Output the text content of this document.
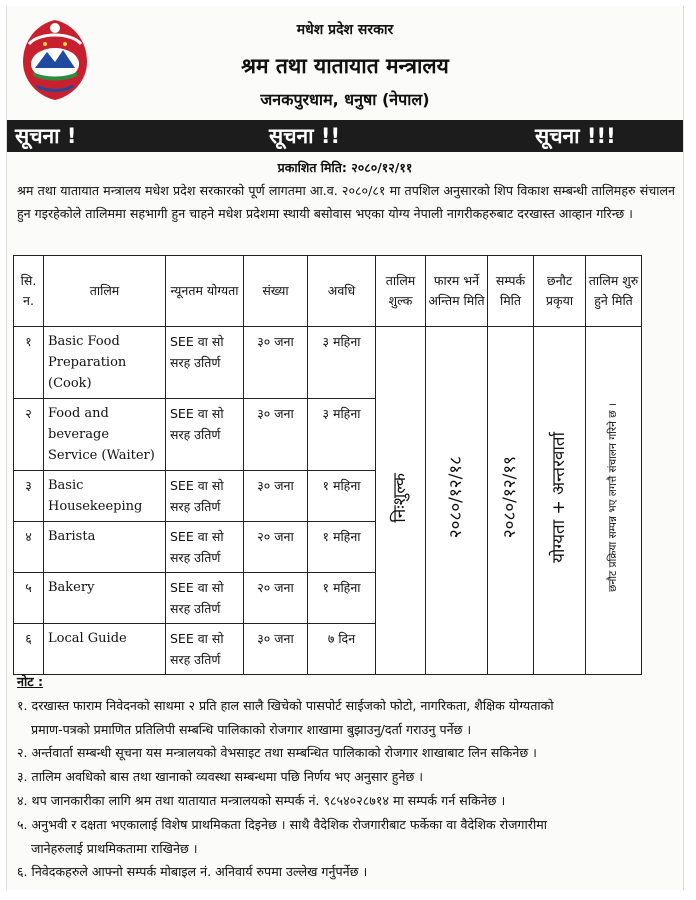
मधेश प्रदेश सरकार
श्रम तथा यातायात मन्त्रालय
जनकपुरधाम, धनुषा (नेपाल)
सूचना !	सूचना !!	सूचना !!!
प्रकाशित मिति: २०८०/१२/११
श्रम तथा यातायात मन्त्रालय मधेश प्रदेश सरकारको पूर्ण लागतमा आ.व. २०८०/८१ मा तपशिल अनुसारको शिप विकाश सम्बन्धी तालिमहरु संचालन हुन गइरहेकोले तालिममा सहभागी हुन चाहने मधेश प्रदेशमा स्थायी बसोवास भएका योग्य नेपाली नागरीकहरुबाट दरखास्त आव्हान गरिन्छ ।
सि. न.	तालिम	न्यूनतम योग्यता	संख्या	अवधि	तालिम शुल्क	फारम भर्ने अन्तिम मिति	सम्पर्क मिति	छनौट प्रकृया	तालिम शुरु हुने मिति
१	Basic Food Preparation (Cook)	SEE वा सो सरह उतिर्ण	३० जना	३ महिना	निःशुल्क	२०८०/१२/१८	२०८०/१२/१९	योग्यता + अन्तरवार्ता	छनौट प्रक्रिया सम्पन्न भए लगत्तै संचालन गरिने छ ।
२	Food and beverage Service (Waiter)	SEE वा सो सरह उतिर्ण	३० जना	३ महिना					
३	Basic Housekeeping	SEE वा सो सरह उतिर्ण	३० जना	१ महिना					
४	Barista	SEE वा सो सरह उतिर्ण	२० जना	१ महिना					
५	Bakery	SEE वा सो सरह उतिर्ण	२० जना	१ महिना					
६	Local Guide	SEE वा सो सरह उतिर्ण	३० जना	७ दिन					
नोट :

१. दरखास्त फाराम निवेदनको साथमा २ प्रति हाल सालै खिचेको पासपोर्ट साईजको फोटो, नागरिकता, शैक्षिक योग्यताको

प्रमाण-पत्रको प्रमाणित प्रतिलिपी सम्बन्धि पालिकाको रोजगार शाखामा बुझाउनु/दर्ता गराउनु पर्नेछ ।

२. अर्न्तवार्ता सम्बन्धी सूचना यस मन्त्रालयको वेभसाइट तथा सम्बन्धित पालिकाको रोजगार शाखाबाट लिन सकिनेछ ।

३. तालिम अवधिको बास तथा खानाको व्यवस्था सम्बन्धमा पछि निर्णय भए अनुसार हुनेछ ।

४. थप जानकारीका लागि श्रम तथा यातायात मन्त्रालयको सम्पर्क नं. ९८५४०२८७१४ मा सम्पर्क गर्न सकिनेछ ।

५. अनुभवी र दक्षता भएकालाई विशेष प्राथमिकता दिइनेछ । साथै वैदेशिक रोजगारीबाट फर्केका वा वैदेशिक रोजगारीमा

जानेहरुलाई प्राथमिकतामा राखिनेछ ।

६. निवेदकहरुले आफ्नो सम्पर्क मोबाइल नं. अनिवार्य रुपमा उल्लेख गर्नुपर्नेछ ।
